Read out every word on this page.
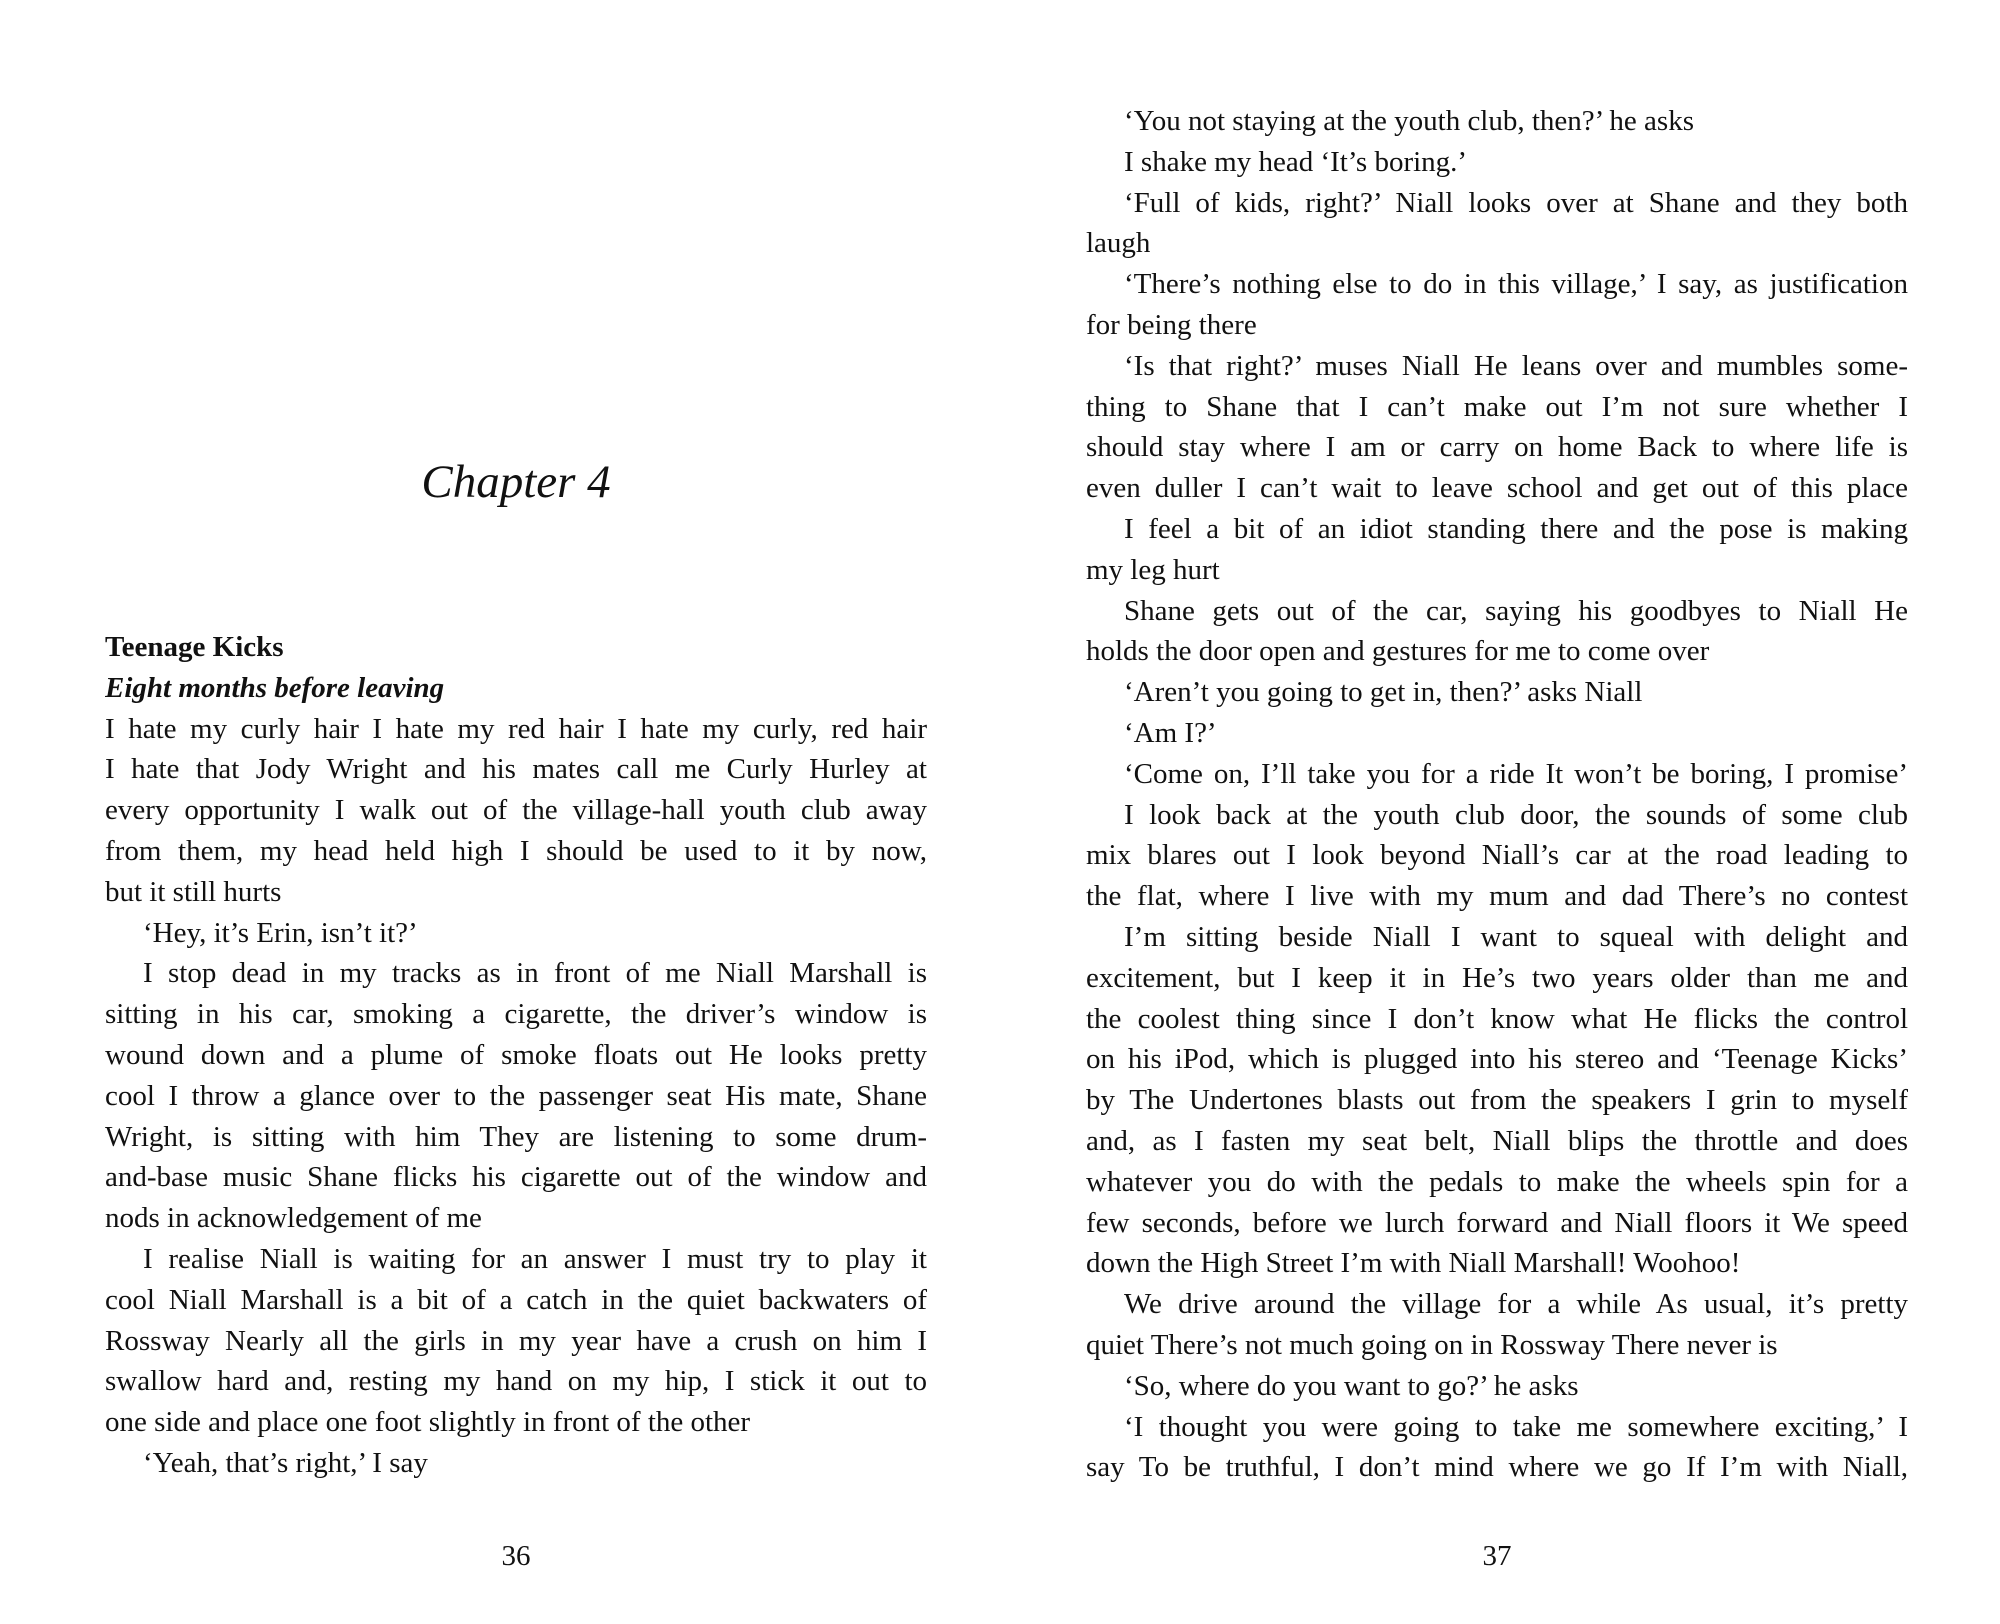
Chapter 4
Teenage Kicks
Eight months before leaving
I hate my curly hair I hate my red hair I hate my curly, red hair
I hate that Jody Wright and his mates call me Curly Hurley at
every opportunity I walk out of the village-hall youth club away
from them, my head held high I should be used to it by now,
but it still hurts
‘Hey, it’s Erin, isn’t it?’
I stop dead in my tracks as in front of me Niall Marshall is
sitting in his car, smoking a cigarette, the driver’s window is
wound down and a plume of smoke floats out He looks pretty
cool I throw a glance over to the passenger seat His mate, Shane
Wright, is sitting with him They are listening to some drum-
and-base music Shane flicks his cigarette out of the window and
nods in acknowledgement of me
I realise Niall is waiting for an answer I must try to play it
cool Niall Marshall is a bit of a catch in the quiet backwaters of
Rossway Nearly all the girls in my year have a crush on him I
swallow hard and, resting my hand on my hip, I stick it out to
one side and place one foot slightly in front of the other
‘Yeah, that’s right,’ I say
36
‘You not staying at the youth club, then?’ he asks
I shake my head ‘It’s boring.’
‘Full of kids, right?’ Niall looks over at Shane and they both
laugh
‘There’s nothing else to do in this village,’ I say, as justification
for being there
‘Is that right?’ muses Niall He leans over and mumbles some-
thing to Shane that I can’t make out I’m not sure whether I
should stay where I am or carry on home Back to where life is
even duller I can’t wait to leave school and get out of this place
I feel a bit of an idiot standing there and the pose is making
my leg hurt
Shane gets out of the car, saying his goodbyes to Niall He
holds the door open and gestures for me to come over
‘Aren’t you going to get in, then?’ asks Niall
‘Am I?’
‘Come on, I’ll take you for a ride It won’t be boring, I promise’
I look back at the youth club door, the sounds of some club
mix blares out I look beyond Niall’s car at the road leading to
the flat, where I live with my mum and dad There’s no contest
I’m sitting beside Niall I want to squeal with delight and
excitement, but I keep it in He’s two years older than me and
the coolest thing since I don’t know what He flicks the control
on his iPod, which is plugged into his stereo and ‘Teenage Kicks’
by The Undertones blasts out from the speakers I grin to myself
and, as I fasten my seat belt, Niall blips the throttle and does
whatever you do with the pedals to make the wheels spin for a
few seconds, before we lurch forward and Niall floors it We speed
down the High Street I’m with Niall Marshall! Woohoo!
We drive around the village for a while As usual, it’s pretty
quiet There’s not much going on in Rossway There never is
‘So, where do you want to go?’ he asks
‘I thought you were going to take me somewhere exciting,’ I
say To be truthful, I don’t mind where we go If I’m with Niall,
37
